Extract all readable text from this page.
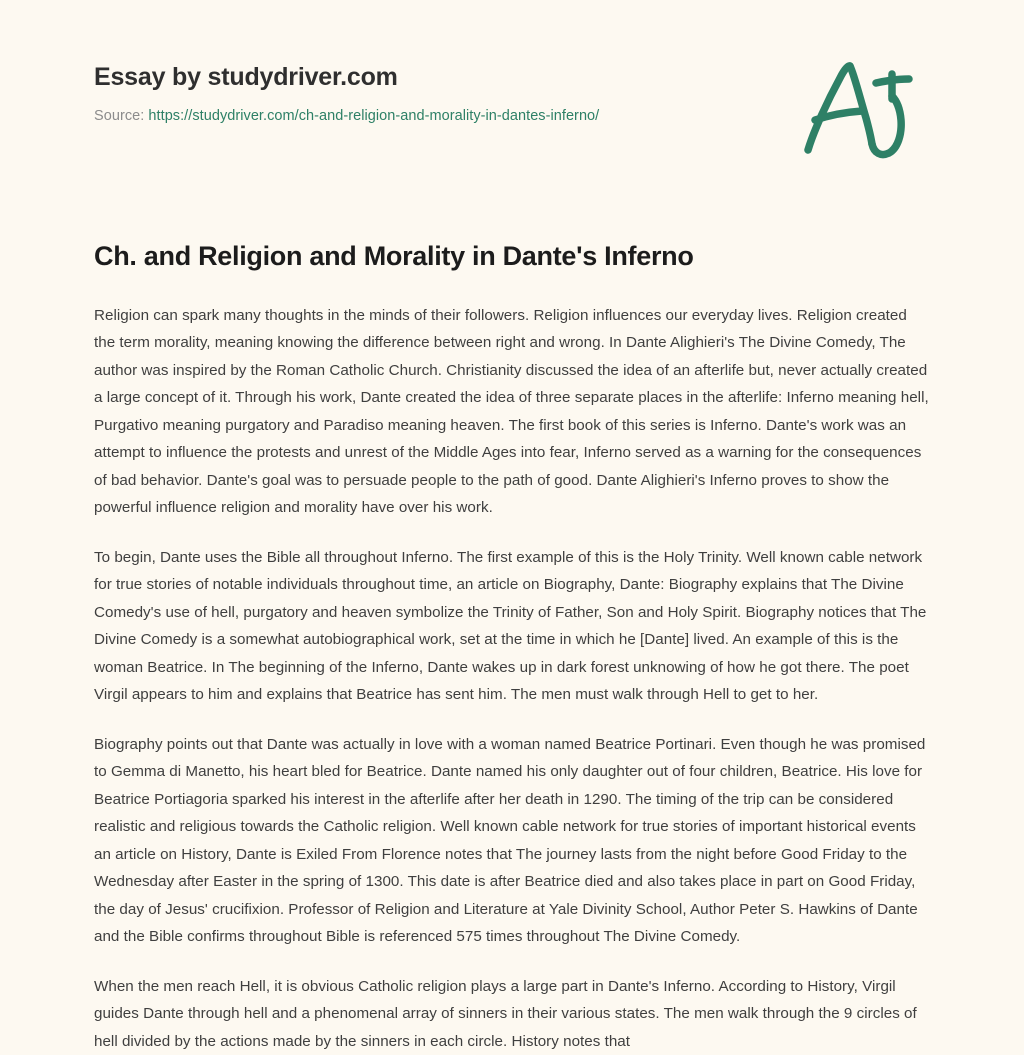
Essay by studydriver.com
Source: https://studydriver.com/ch-and-religion-and-morality-in-dantes-inferno/
Ch. and Religion and Morality in Dante's Inferno

Religion can spark many thoughts in the minds of their followers. Religion influences our everyday lives. Religion created the term morality, meaning knowing the difference between right and wrong. In Dante Alighieri's The Divine Comedy, The author was inspired by the Roman Catholic Church. Christianity discussed the idea of an afterlife but, never actually created a large concept of it. Through his work, Dante created the idea of three separate places in the afterlife: Inferno meaning hell, Purgativo meaning purgatory and Paradiso meaning heaven. The first book of this series is Inferno. Dante's work was an attempt to influence the protests and unrest of the Middle Ages into fear, Inferno served as a warning for the consequences of bad behavior. Dante's goal was to persuade people to the path of good. Dante Alighieri's Inferno proves to show the powerful influence religion and morality have over his work.

To begin, Dante uses the Bible all throughout Inferno. The first example of this is the Holy Trinity. Well known cable network for true stories of notable individuals throughout time, an article on Biography, Dante: Biography explains that The Divine Comedy's use of hell, purgatory and heaven symbolize the Trinity of Father, Son and Holy Spirit. Biography notices that The Divine Comedy is a somewhat autobiographical work, set at the time in which he [Dante] lived. An example of this is the woman Beatrice. In The beginning of the Inferno, Dante wakes up in dark forest unknowing of how he got there. The poet Virgil appears to him and explains that Beatrice has sent him. The men must walk through Hell to get to her.

Biography points out that Dante was actually in love with a woman named Beatrice Portinari. Even though he was promised to Gemma di Manetto, his heart bled for Beatrice. Dante named his only daughter out of four children, Beatrice. His love for Beatrice Portiagoria sparked his interest in the afterlife after her death in 1290. The timing of the trip can be considered realistic and religious towards the Catholic religion. Well known cable network for true stories of important historical events an article on History, Dante is Exiled From Florence notes that The journey lasts from the night before Good Friday to the Wednesday after Easter in the spring of 1300. This date is after Beatrice died and also takes place in part on Good Friday, the day of Jesus' crucifixion. Professor of Religion and Literature at Yale Divinity School, Author Peter S. Hawkins of Dante and the Bible confirms throughout Bible is referenced 575 times throughout The Divine Comedy.

When the men reach Hell, it is obvious Catholic religion plays a large part in Dante's Inferno. According to History, Virgil guides Dante through hell and a phenomenal array of sinners in their various states. The men walk through the 9 circles of hell divided by the actions made by the sinners in each circle. History notes that
